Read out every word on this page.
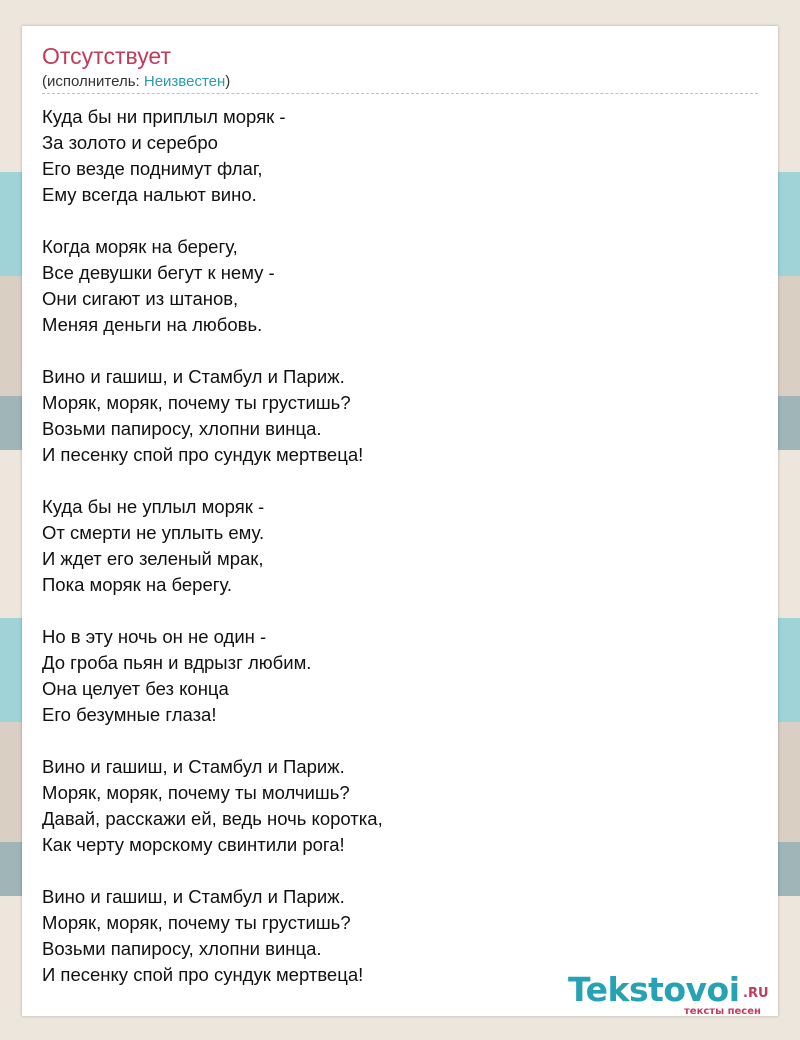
Отсутствует
(исполнитель: Неизвестен)
Куда бы ни приплыл моряк -
За золото и серебро
Его везде поднимут флаг,
Ему всегда нальют вино.
Когда моряк на берегу,
Все девушки бегут к нему -
Они сигают из штанов,
Меняя деньги на любовь.
Вино и гашиш, и Стамбул и Париж.
Моряк, моряк, почему ты грустишь?
Возьми папиросу, хлопни винца.
И песенку спой про сундук мертвеца!
Куда бы не уплыл моряк -
От смерти не уплыть ему.
И ждет его зеленый мрак,
Пока моряк на берегу.
Но в эту ночь он не один -
До гроба пьян и вдрызг любим.
Она целует без конца
Его безумные глаза!
Вино и гашиш, и Стамбул и Париж.
Моряк, моряк, почему ты молчишь?
Давай, расскажи ей, ведь ночь коротка,
Как черту морскому свинтили рога!
Вино и гашиш, и Стамбул и Париж.
Моряк, моряк, почему ты грустишь?
Возьми папиросу, хлопни винца.
И песенку спой про сундук мертвеца!	Tekstovoi .RU
тексты песен
